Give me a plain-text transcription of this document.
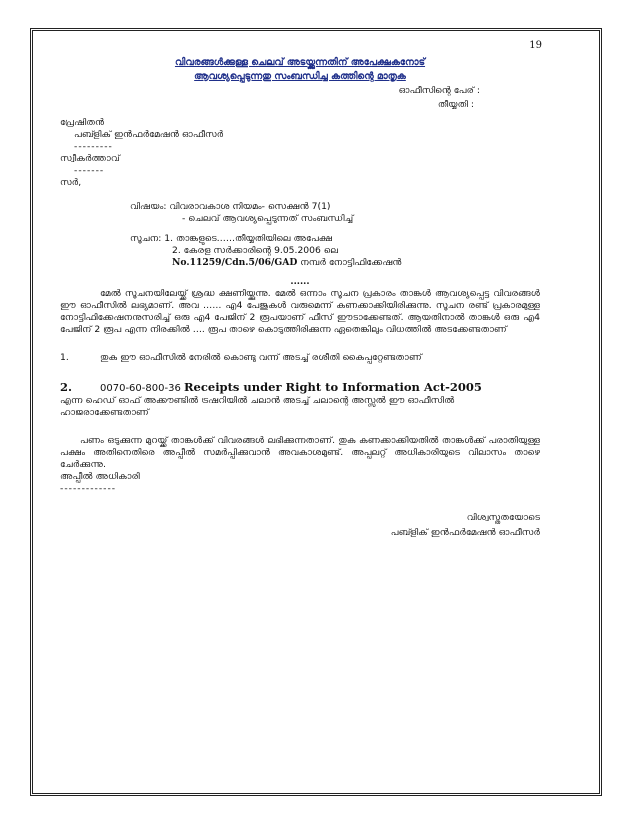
19
വിവരങ്ങൾക്കുള്ള ചെലവ് അടയ്ക്കുന്നതിന് അപേക്ഷകനോട്
ആവശ്യപ്പെടുന്നതു സംബന്ധിച്ച കത്തിന്റെ മാതൃക
ഓഫീസിന്റെ പേര് :
തീയ്യതി :
പ്രേഷിതൻ
പബ്ളിക് ഇൻഫർമേഷൻ ഓഫീസർ
---------
സ്വീകർത്താവ്
-------
സർ,
വിഷയം: വിവരാവകാശ നിയമം- സെക്ഷൻ 7(1)
- ചെലവ് ആവശ്യപ്പെടുന്നത് സംബന്ധിച്ച്
സൂചന: 1. താങ്കളുടെ……തീയ്യതിയിലെ അപേക്ഷ
2. കേരള സർക്കാരിന്റെ 9.05.2006 ലെ
No.11259/Cdn.5/06/GAD നമ്പർ നോട്ടിഫിക്കേഷൻ
......
മേൽ സൂചനയിലേയ്ക്ക് ശ്രദ്ധ ക്ഷണിയ്ക്കുന്നു. മേൽ ഒന്നാം സൂചന പ്രകാരം താങ്കൾ ആവശ്യപ്പെട്ട വിവരങ്ങൾ ഈ ഓഫീസിൽ ലഭ്യമാണ്. അവ …… എ4 പേജുകൾ വരുമെന്ന് കണക്കാക്കിയിരിക്കുന്നു. സൂചന രണ്ട് പ്രകാരമുള്ള നോട്ടിഫിക്കേഷനനുസരിച്ച് ഒരു എ4 പേജിന് 2 രൂപയാണ് ഫീസ് ഈടാക്കേണ്ടത്. ആയതിനാൽ താങ്കൾ ഒരു എ4 പേജിന് 2 രൂപ എന്ന നിരക്കിൽ …. രൂപ താഴെ കൊടുത്തിരിക്കുന്ന ഏതെങ്കിലും വിധത്തിൽ അടക്കേണ്ടതാണ്
1.	തുക ഈ ഓഫീസിൽ നേരിൽ കൊണ്ടു വന്ന് അടച്ച് രശീതി കൈപ്പറ്റേണ്ടതാണ്
2.	0070-60-800-36 Receipts under Right to Information Act-2005
എന്ന ഹെഡ് ഓഫ് അക്കൗണ്ടിൽ ട്രഷറിയിൽ ചലാൻ അടച്ച് ചലാന്റെ അസ്സൽ ഈ ഓഫീസിൽ ഹാജരാക്കേണ്ടതാണ്
പണം ഒടുക്കുന്ന മുറയ്ക്ക് താങ്കൾക്ക് വിവരങ്ങൾ ലഭിക്കുന്നതാണ്. തുക കണക്കാക്കിയതിൽ താങ്കൾക്ക് പരാതിയുള്ള പക്ഷം അതിനെതിരെ അപ്പീൽ സമർപ്പിക്കുവാൻ അവകാശമുണ്ട്. അപ്പലറ്റ് അധികാരിയുടെ വിലാസം താഴെ ചേർക്കുന്നു.
അപ്പീൽ അധികാരി
-------------
വിശ്വസ്തതയോടെ
പബ്ളിക് ഇൻഫർമേഷൻ ഓഫീസർ
